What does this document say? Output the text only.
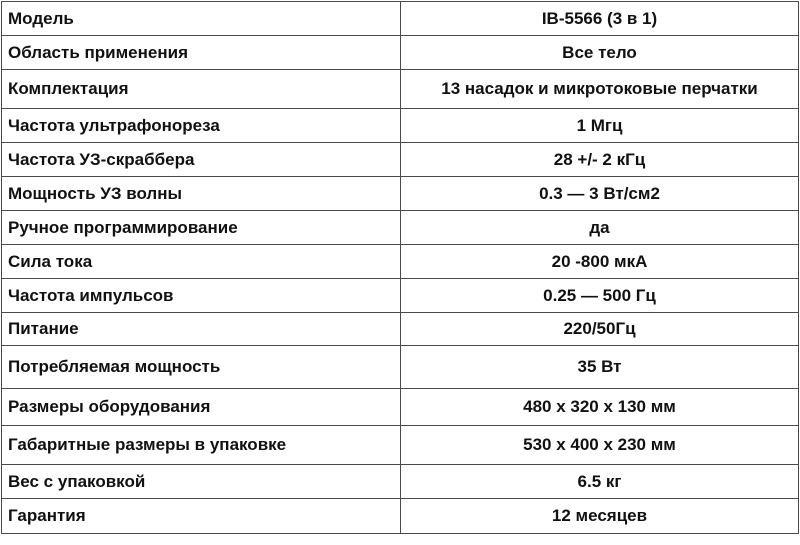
Модель	IB-5566 (3 в 1)
Область применения	Все тело
Комплектация	13 насадок и микротоковые перчатки
Частота ультрафонореза	1 Мгц
Частота УЗ-скраббера	28 +/- 2 кГц
Мощность УЗ волны	0.3 — 3 Вт/см2
Ручное программирование	да
Сила тока	20 -800 мкА
Частота импульсов	0.25 — 500 Гц
Питание	220/50Гц
Потребляемая мощность	35 Вт
Размеры оборудования	480 х 320 х 130 мм
Габаритные размеры в упаковке	530 х 400 х 230 мм
Вес с упаковкой	6.5 кг
Гарантия	12 месяцев
